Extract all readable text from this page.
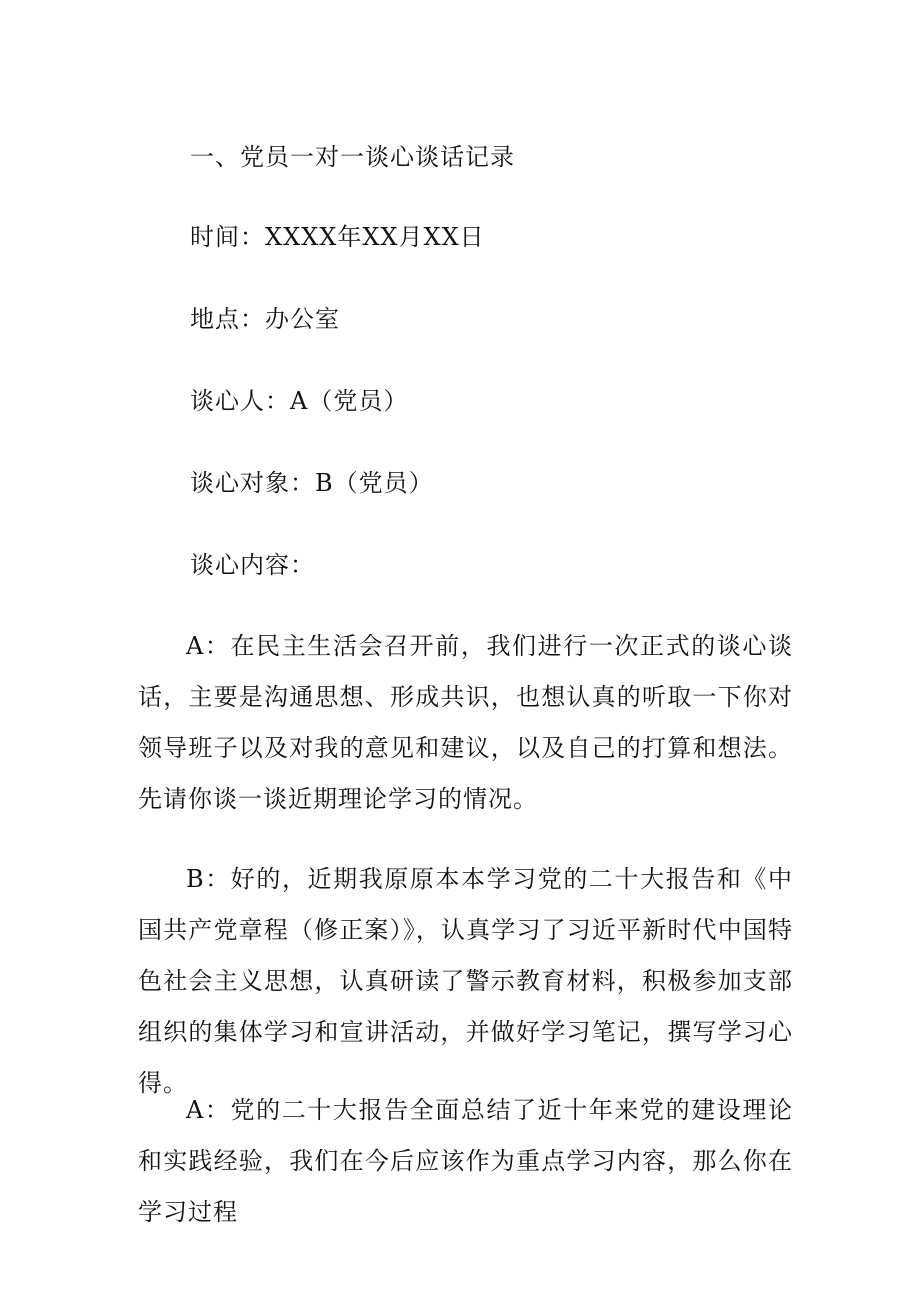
一、党员一对一谈心谈话记录
时间：XXXX年XX月XX日
地点：办公室
谈心人：A（党员）
谈心对象：B（党员）
谈心内容：

A：在民主生活会召开前，我们进行一次正式的谈心谈话，主要是沟通思想、形成共识，也想认真的听取一下你对领导班子以及对我的意见和建议，以及自己的打算和想法。先请你谈一谈近期理论学习的情况。

B：好的，近期我原原本本学习党的二十大报告和《中国共产党章程（修正案）》，认真学习了习近平新时代中国特色社会主义思想，认真研读了警示教育材料，积极参加支部组织的集体学习和宣讲活动，并做好学习笔记，撰写学习心得。

A：党的二十大报告全面总结了近十年来党的建设理论和实践经验，我们在今后应该作为重点学习内容，那么你在学习过程
